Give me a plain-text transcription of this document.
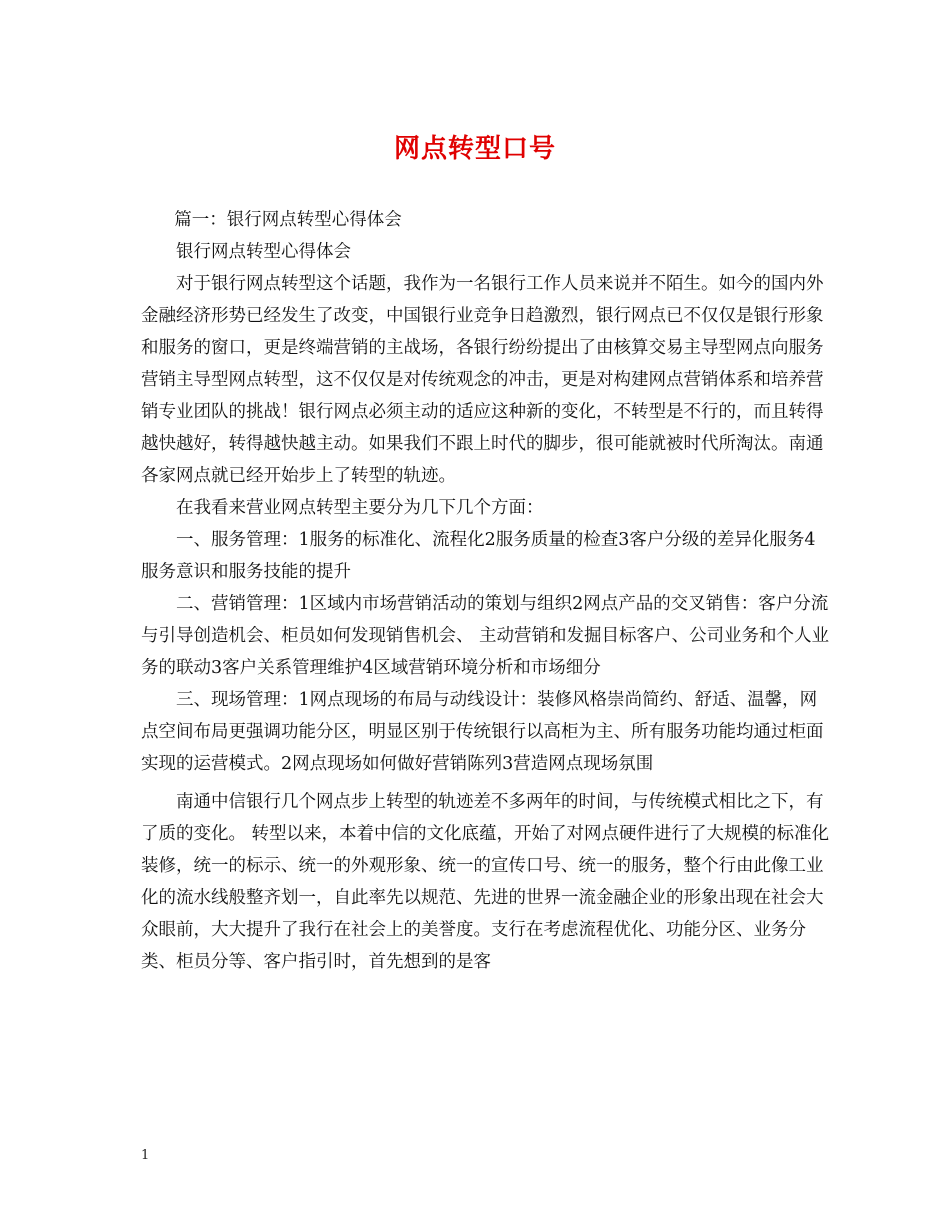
网点转型口号

篇一：银行网点转型心得体会

银行网点转型心得体会

对于银行网点转型这个话题，我作为一名银行工作人员来说并不陌生。如今的国内外金融经济形势已经发生了改变，中国银行业竞争日趋激烈，银行网点已不仅仅是银行形象和服务的窗口，更是终端营销的主战场，各银行纷纷提出了由核算交易主导型网点向服务营销主导型网点转型，这不仅仅是对传统观念的冲击，更是对构建网点营销体系和培养营销专业团队的挑战！银行网点必须主动的适应这种新的变化，不转型是不行的，而且转得越快越好，转得越快越主动。如果我们不跟上时代的脚步，很可能就被时代所淘汰。南通各家网点就已经开始步上了转型的轨迹。

在我看来营业网点转型主要分为几下几个方面：

一、服务管理：1服务的标准化、流程化2服务质量的检查3客户分级的差异化服务4服务意识和服务技能的提升

二、营销管理：1区域内市场营销活动的策划与组织2网点产品的交叉销售：客户分流与引导创造机会、柜员如何发现销售机会、 主动营销和发掘目标客户、公司业务和个人业务的联动3客户关系管理维护4区域营销环境分析和市场细分

三、现场管理：1网点现场的布局与动线设计：装修风格崇尚简约、舒适、温馨，网点空间布局更强调功能分区，明显区别于传统银行以高柜为主、所有服务功能均通过柜面实现的运营模式。2网点现场如何做好营销陈列3营造网点现场氛围

南通中信银行几个网点步上转型的轨迹差不多两年的时间，与传统模式相比之下，有了质的变化。 转型以来，本着中信的文化底蕴，开始了对网点硬件进行了大规模的标准化装修，统一的标示、统一的外观形象、统一的宣传口号、统一的服务，整个行由此像工业化的流水线般整齐划一，自此率先以规范、先进的世界一流金融企业的形象出现在社会大众眼前，大大提升了我行在社会上的美誉度。支行在考虑流程优化、功能分区、业务分类、柜员分等、客户指引时，首先想到的是客

1
